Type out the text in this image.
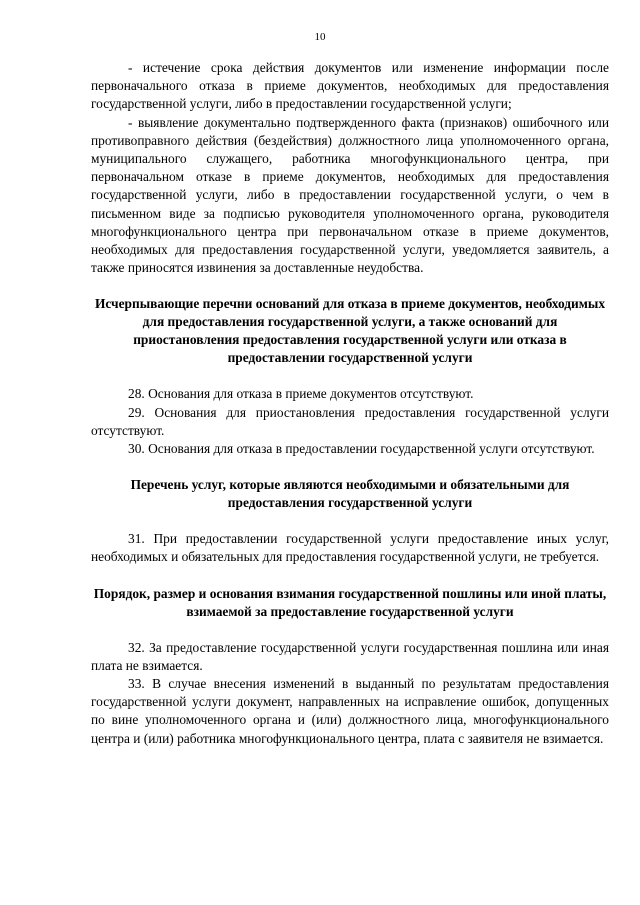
10

- истечение срока действия документов или изменение информации после первоначального отказа в приеме документов, необходимых для предоставления государственной услуги, либо в предоставлении государственной услуги;

- выявление документально подтвержденного факта (признаков) ошибочного или противоправного действия (бездействия) должностного лица уполномоченного органа, муниципального служащего, работника многофункционального центра, при первоначальном отказе в приеме документов, необходимых для предоставления государственной услуги, либо в предоставлении государственной услуги, о чем в письменном виде за подписью руководителя уполномоченного органа, руководителя многофункционального центра при первоначальном отказе в приеме документов, необходимых для предоставления государственной услуги, уведомляется заявитель, а также приносятся извинения за доставленные неудобства.

Исчерпывающие перечни оснований для отказа в приеме документов, необходимых для предоставления государственной услуги, а также оснований для приостановления предоставления государственной услуги или отказа в предоставлении государственной услуги

28. Основания для отказа в приеме документов отсутствуют.

29. Основания для приостановления предоставления государственной услуги отсутствуют.

30. Основания для отказа в предоставлении государственной услуги отсутствуют.

Перечень услуг, которые являются необходимыми и обязательными для предоставления государственной услуги

31. При предоставлении государственной услуги предоставление иных услуг, необходимых и обязательных для предоставления государственной услуги, не требуется.

Порядок, размер и основания взимания государственной пошлины или иной платы, взимаемой за предоставление государственной услуги

32. За предоставление государственной услуги государственная пошлина или иная плата не взимается.

33. В случае внесения изменений в выданный по результатам предоставления государственной услуги документ, направленных на исправление ошибок, допущенных по вине уполномоченного органа и (или) должностного лица, многофункционального центра и (или) работника многофункционального центра, плата с заявителя не взимается.
